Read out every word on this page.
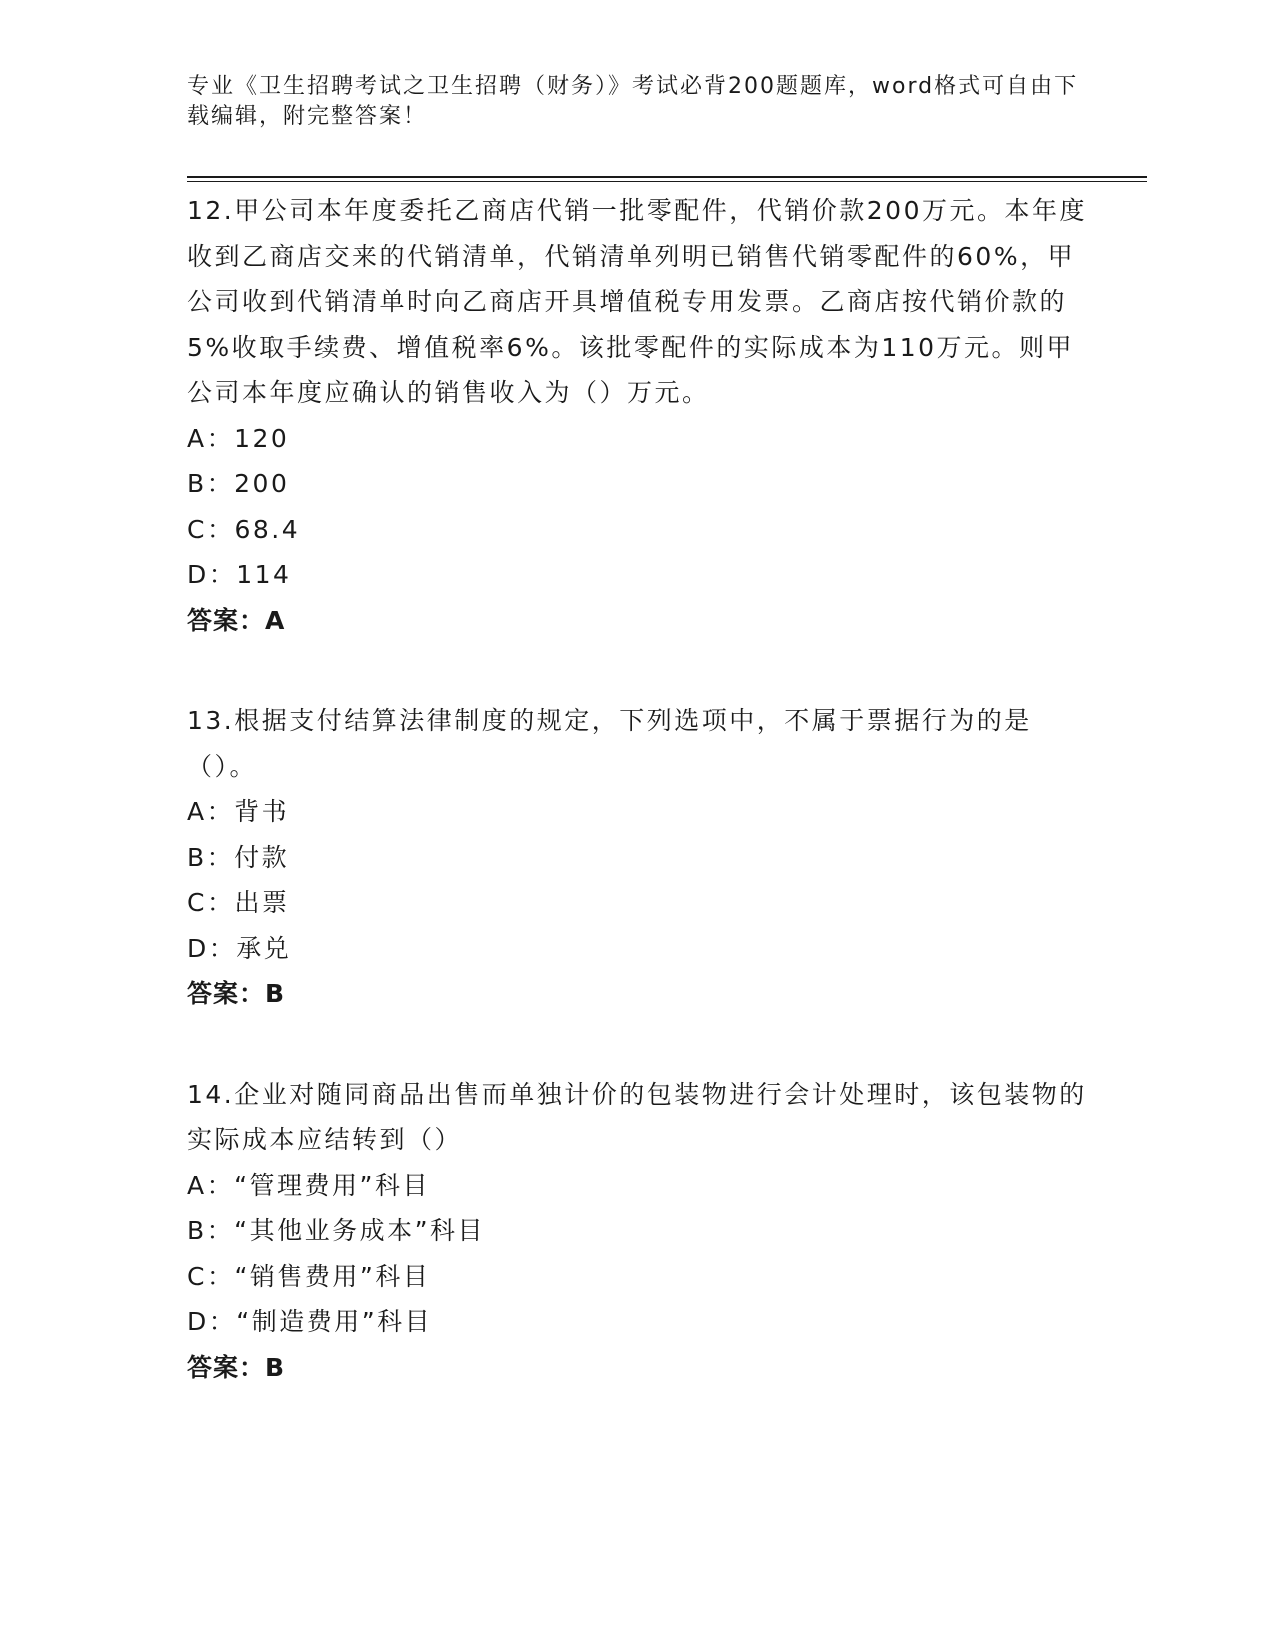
专业《卫生招聘考试之卫生招聘（财务）》考试必背200题题库，word格式可自由下载编辑，附完整答案！
12.甲公司本年度委托乙商店代销一批零配件，代销价款200万元。本年度收到乙商店交来的代销清单，代销清单列明已销售代销零配件的60%，甲公司收到代销清单时向乙商店开具增值税专用发票。乙商店按代销价款的5%收取手续费、增值税率6%。该批零配件的实际成本为110万元。则甲公司本年度应确认的销售收入为（）万元。
A：120
B：200
C：68.4
D：114
答案：A
13.根据支付结算法律制度的规定，下列选项中，不属于票据行为的是（）。
A：背书
B：付款
C：出票
D：承兑
答案：B
14.企业对随同商品出售而单独计价的包装物进行会计处理时，该包装物的实际成本应结转到（）
A：“管理费用”科目
B：“其他业务成本”科目
C：“销售费用”科目
D：“制造费用”科目
答案：B
